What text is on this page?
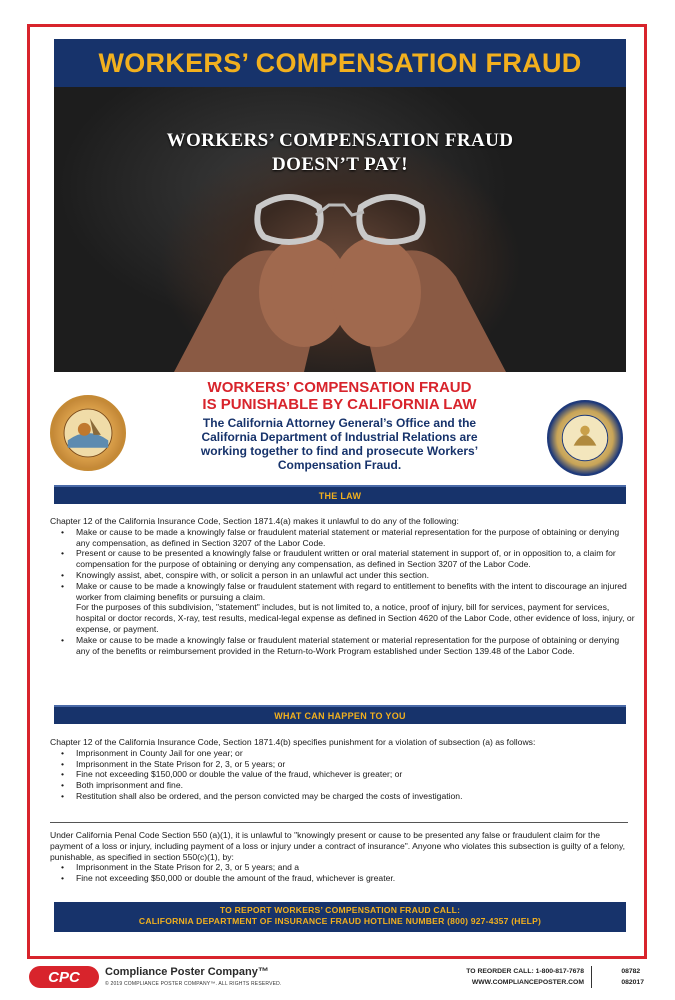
WORKERS’ COMPENSATION FRAUD
WORKERS’ COMPENSATION FRAUD
DOESN’T PAY!
WORKERS’ COMPENSATION FRAUD
IS PUNISHABLE BY CALIFORNIA LAW
The California Attorney General’s Office and the
California Department of Industrial Relations are
working together to find and prosecute Workers’
Compensation Fraud.
THE LAW
Chapter 12 of the California Insurance Code, Section 1871.4(a) makes it unlawful to do any of the following:
• Make or cause to be made a knowingly false or fraudulent material statement or material representation for the purpose of obtaining or denying any compensation, as defined in Section 3207 of the Labor Code.
• Present or cause to be presented a knowingly false or fraudulent written or oral material statement in support of, or in opposition to, a claim for compensation for the purpose of obtaining or denying any compensation, as defined in Section 3207 of the Labor Code.
• Knowingly assist, abet, conspire with, or solicit a person in an unlawful act under this section.
• Make or cause to be made a knowingly false or fraudulent statement with regard to entitlement to benefits with the intent to discourage an injured worker from claiming benefits or pursuing a claim.
For the purposes of this subdivision, "statement" includes, but is not limited to, a notice, proof of injury, bill for services, payment for services, hospital or doctor records, X-ray, test results, medical-legal expense as defined in Section 4620 of the Labor Code, other evidence of loss, injury, or expense, or payment.
• Make or cause to be made a knowingly false or fraudulent material statement or material representation for the purpose of obtaining or denying any of the benefits or reimbursement provided in the Return-to-Work Program established under Section 139.48 of the Labor Code.
WHAT CAN HAPPEN TO YOU
Chapter 12 of the California Insurance Code, Section 1871.4(b) specifies punishment for a violation of subsection (a) as follows:
• Imprisonment in County Jail for one year; or
• Imprisonment in the State Prison for 2, 3, or 5 years; or
• Fine not exceeding $150,000 or double the value of the fraud, whichever is greater; or
• Both imprisonment and fine.
• Restitution shall also be ordered, and the person convicted may be charged the costs of investigation.
Under California Penal Code Section 550 (a)(1), it is unlawful to "knowingly present or cause to be presented any false or fraudulent claim for the payment of a loss or injury, including payment of a loss or injury under a contract of insurance". Anyone who violates this subsection is guilty of a felony, punishable, as specified in section 550(c)(1), by:
• Imprisonment in the State Prison for 2, 3, or 5 years; and a
• Fine not exceeding $50,000 or double the amount of the fraud, whichever is greater.
TO REPORT WORKERS’ COMPENSATION FRAUD CALL:
CALIFORNIA DEPARTMENT OF INSURANCE FRAUD HOTLINE NUMBER (800) 927-4357 (HELP)
CPC Compliance Poster Company™
© 2019 COMPLIANCE POSTER COMPANY™. ALL RIGHTS RESERVED.
TO REORDER CALL: 1-800-817-7678
WWW.COMPLIANCEPOSTER.COM
08782
082017
